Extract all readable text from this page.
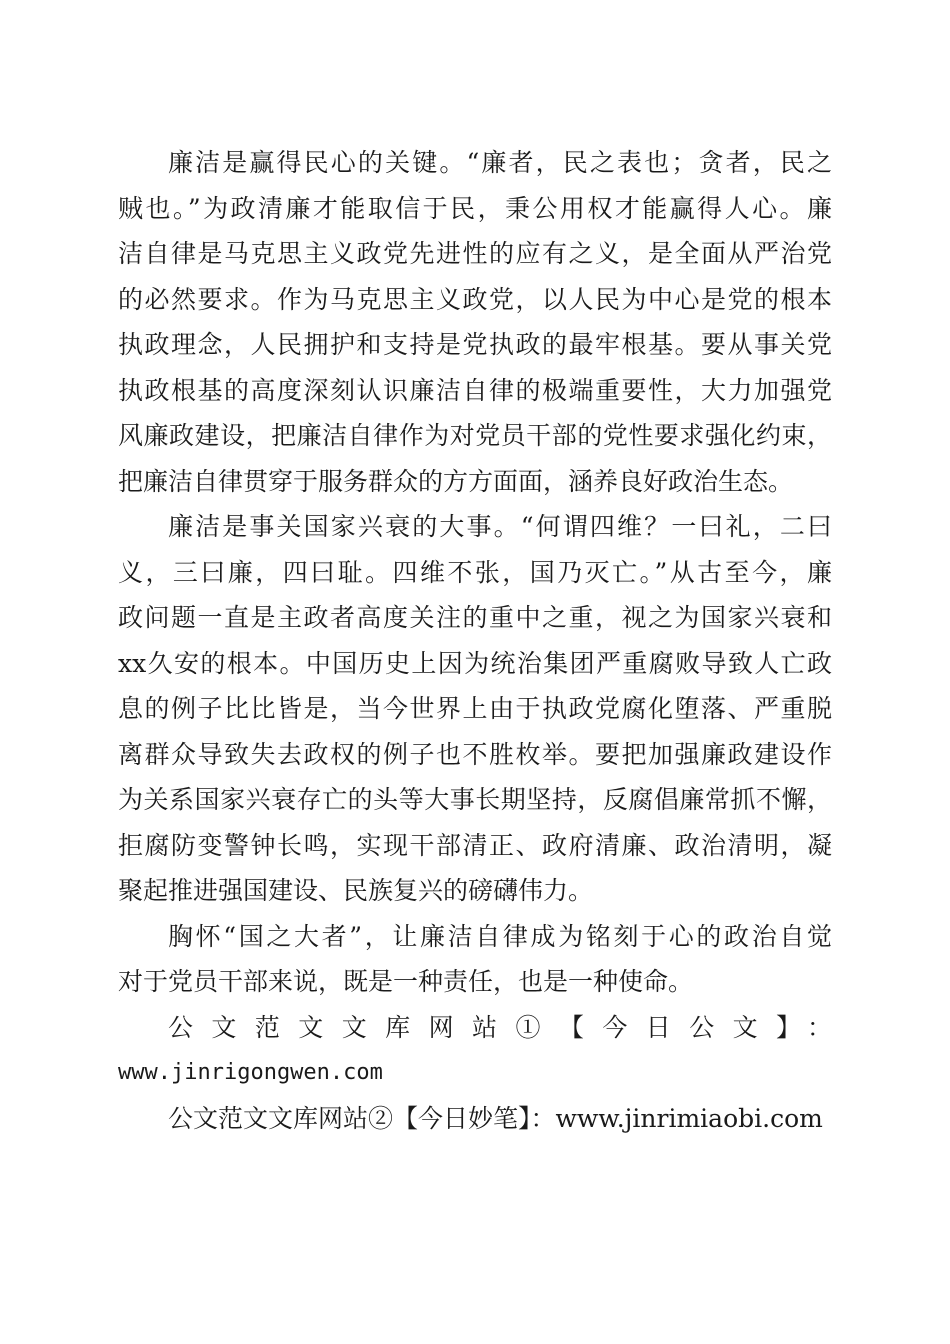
廉洁是赢得民心的关键。“廉者，民之表也；贪者，民之
贼也。”为政清廉才能取信于民，秉公用权才能赢得人心。廉
洁自律是马克思主义政党先进性的应有之义，是全面从严治党
的必然要求。作为马克思主义政党，以人民为中心是党的根本
执政理念，人民拥护和支持是党执政的最牢根基。要从事关党
执政根基的高度深刻认识廉洁自律的极端重要性，大力加强党
风廉政建设，把廉洁自律作为对党员干部的党性要求强化约束，
把廉洁自律贯穿于服务群众的方方面面，涵养良好政治生态。
廉洁是事关国家兴衰的大事。“何谓四维？一曰礼，二曰
义，三曰廉，四曰耻。四维不张，国乃灭亡。”从古至今，廉
政问题一直是主政者高度关注的重中之重，视之为国家兴衰和
xx久安的根本。中国历史上因为统治集团严重腐败导致人亡政
息的例子比比皆是，当今世界上由于执政党腐化堕落、严重脱
离群众导致失去政权的例子也不胜枚举。要把加强廉政建设作
为关系国家兴衰存亡的头等大事长期坚持，反腐倡廉常抓不懈，
拒腐防变警钟长鸣，实现干部清正、政府清廉、政治清明，凝
聚起推进强国建设、民族复兴的磅礴伟力。
胸怀“国之大者”，让廉洁自律成为铭刻于心的政治自觉
对于党员干部来说，既是一种责任，也是一种使命。
公文范文文库网站①【今日公文】：
www.jinrigongwen.com
公文范文文库网站②【今日妙笔】：www.jinrimiaobi.com
